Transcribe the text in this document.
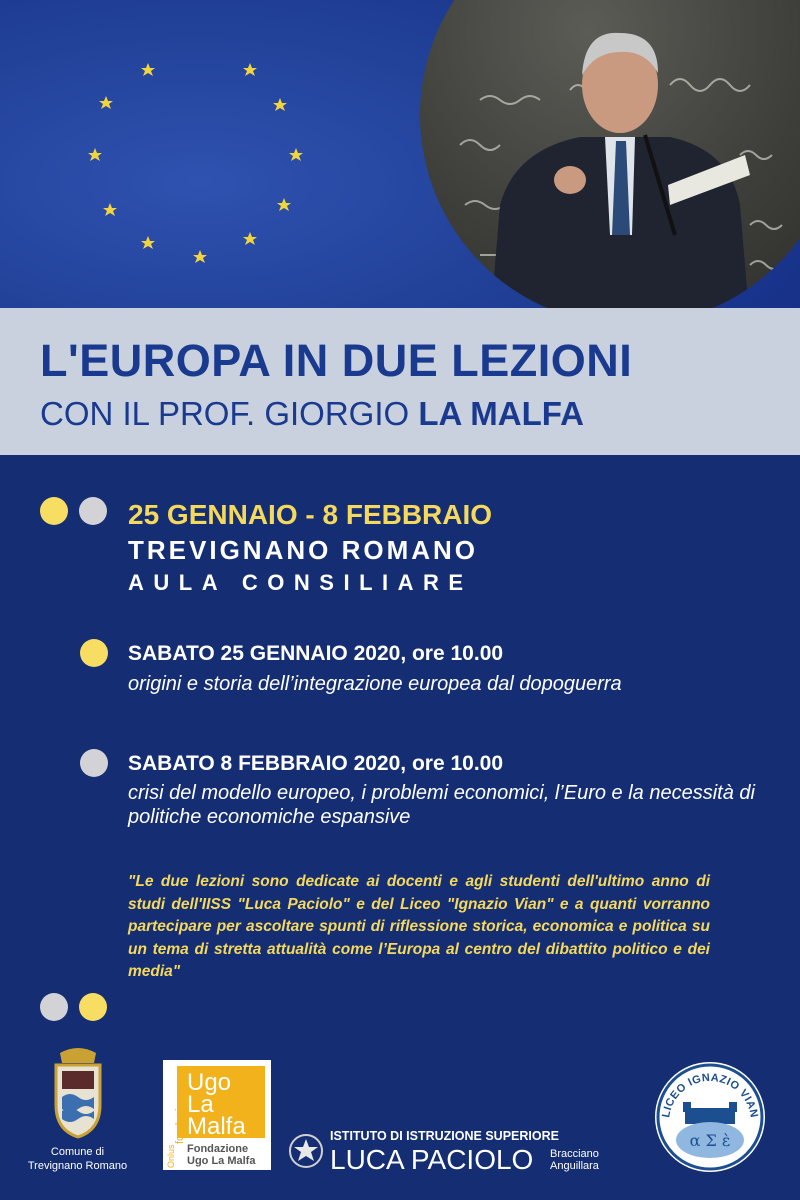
L'EUROPA IN DUE LEZIONI
CON IL PROF. GIORGIO LA MALFA
25 GENNAIO - 8 FEBBRAIO
TREVIGNANO ROMANO
AULA CONSILIARE
SABATO 25 GENNAIO 2020, ore 10.00
origini e storia dell’integrazione europea dal dopoguerra
SABATO 8 FEBBRAIO 2020, ore 10.00
crisi del modello europeo, i problemi economici, l’Euro e la necessità di politiche economiche espansive
"Le due lezioni sono dedicate ai docenti e agli studenti dell'ultimo anno di studi dell'IISS "Luca Paciolo" e del Liceo "Ignazio Vian" e a quanti vorranno partecipare per ascoltare spunti di riflessione storica, economica e politica su un tema di stretta attualità come l’Europa al centro del dibattito politico e dei media"
Comune di
Trevignano Romano
Ugo
La
Malfa
fondazione
Onlus Fondazione
Ugo La Malfa
ISTITUTO DI ISTRUZIONE SUPERIORE
LUCA PACIOLO Bracciano
Anguillara
LICEO IGNAZIO VIAN
α Σ ὲ
